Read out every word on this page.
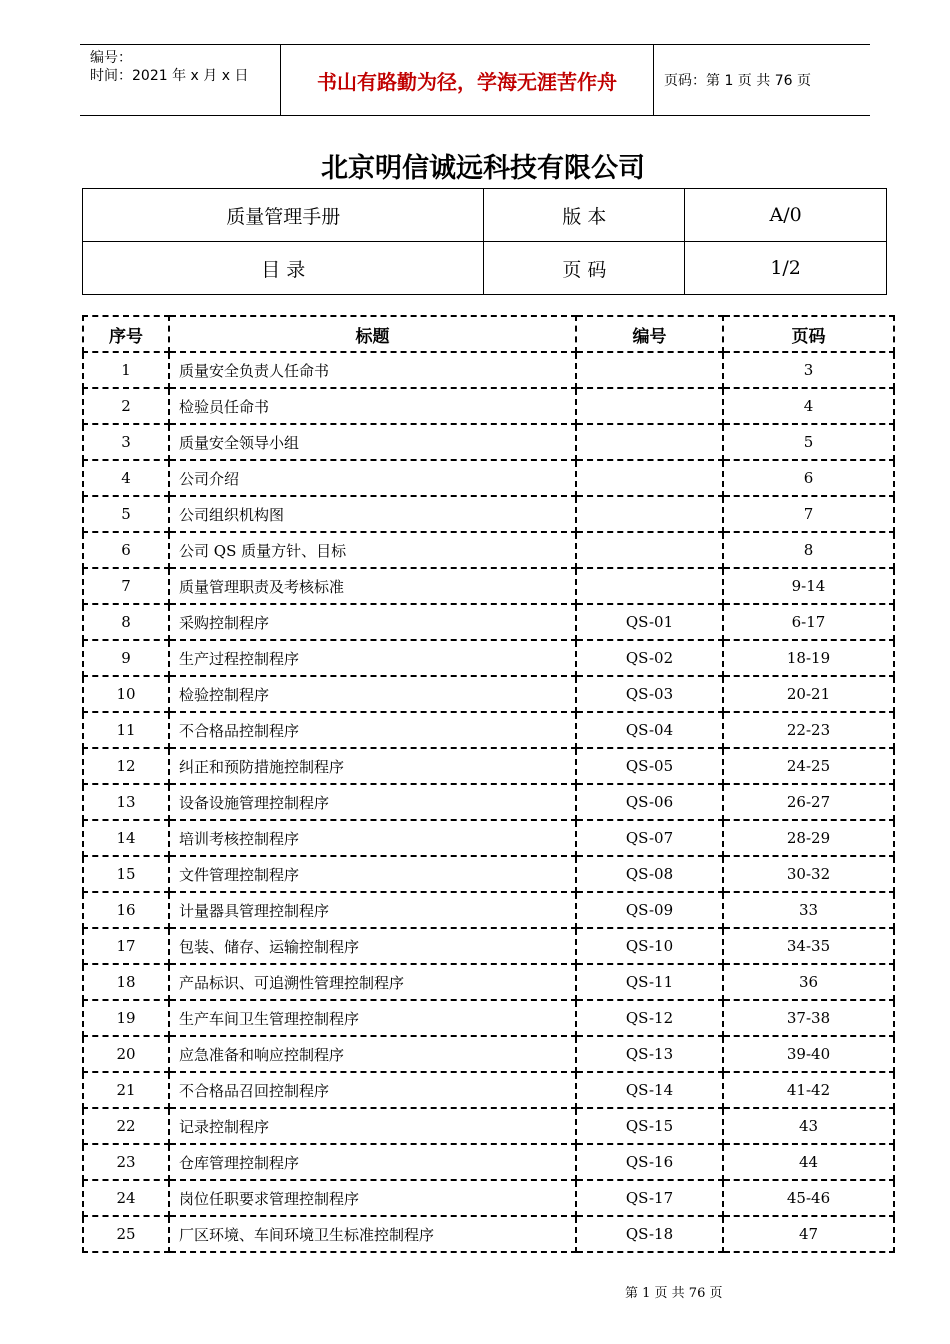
编号：
时间：2021 年 x 月 x 日	书山有路勤为径，学海无涯苦作舟	页码：第 1 页 共 76 页
北京明信诚远科技有限公司
质量管理手册	版 本	A/0
目 录	页 码	1/2
序号	标题	编号	页码
1	质量安全负责人任命书		3
2	检验员任命书		4
3	质量安全领导小组		5
4	公司介绍		6
5	公司组织机构图		7
6	公司 QS 质量方针、目标		8
7	质量管理职责及考核标准		9-14
8	采购控制程序	QS-01	6-17
9	生产过程控制程序	QS-02	18-19
10	检验控制程序	QS-03	20-21
11	不合格品控制程序	QS-04	22-23
12	纠正和预防措施控制程序	QS-05	24-25
13	设备设施管理控制程序	QS-06	26-27
14	培训考核控制程序	QS-07	28-29
15	文件管理控制程序	QS-08	30-32
16	计量器具管理控制程序	QS-09	33
17	包装、储存、运输控制程序	QS-10	34-35
18	产品标识、可追溯性管理控制程序	QS-11	36
19	生产车间卫生管理控制程序	QS-12	37-38
20	应急准备和响应控制程序	QS-13	39-40
21	不合格品召回控制程序	QS-14	41-42
22	记录控制程序	QS-15	43
23	仓库管理控制程序	QS-16	44
24	岗位任职要求管理控制程序	QS-17	45-46
25	厂区环境、车间环境卫生标准控制程序	QS-18	47
第 1 页 共 76 页
